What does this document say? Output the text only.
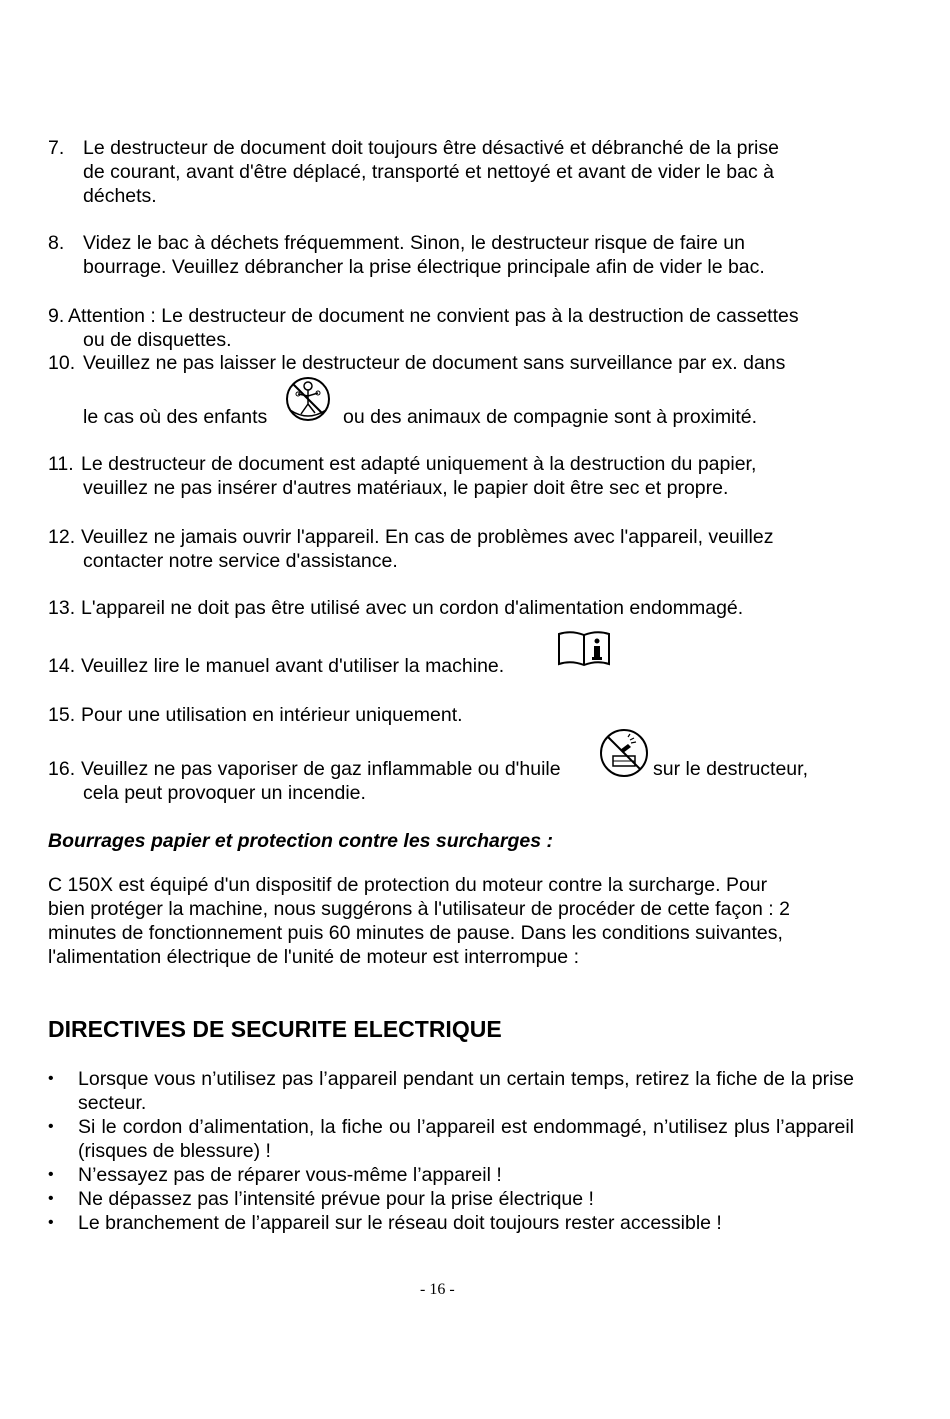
7. Le destructeur de document doit toujours être désactivé et débranché de la prise
de courant, avant d'être déplacé, transporté et nettoyé et avant de vider le bac à
déchets.
8. Videz le bac à déchets fréquemment. Sinon, le destructeur risque de faire un
bourrage. Veuillez débrancher la prise électrique principale afin de vider le bac.
9. Attention : Le destructeur de document ne convient pas à la destruction de cassettes
ou de disquettes.
10. Veuillez ne pas laisser le destructeur de document sans surveillance par ex. dans
le cas où des enfants	ou des animaux de compagnie sont à proximité.
11. Le destructeur de document est adapté uniquement à la destruction du papier,
veuillez ne pas insérer d'autres matériaux, le papier doit être sec et propre.
12. Veuillez ne jamais ouvrir l'appareil. En cas de problèmes avec l'appareil, veuillez
contacter notre service d'assistance.
13. L'appareil ne doit pas être utilisé avec un cordon d'alimentation endommagé.
14. Veuillez lire le manuel avant d'utiliser la machine.
15. Pour une utilisation en intérieur uniquement.
16. Veuillez ne pas vaporiser de gaz inflammable ou d'huile	sur le destructeur,
cela peut provoquer un incendie.
Bourrages papier et protection contre les surcharges :
C 150X est équipé d'un dispositif de protection du moteur contre la surcharge. Pour
bien protéger la machine, nous suggérons à l'utilisateur de procéder de cette façon : 2
minutes de fonctionnement puis 60 minutes de pause. Dans les conditions suivantes,
l'alimentation électrique de l'unité de moteur est interrompue :
DIRECTIVES DE SECURITE ELECTRIQUE
• Lorsque vous n’utilisez pas l’appareil pendant un certain temps, retirez la fiche de la prise secteur.
• Si le cordon d’alimentation, la fiche ou l’appareil est endommagé, n’utilisez plus l’appareil (risques de blessure) !
• N’essayez pas de réparer vous-même l’appareil !
• Ne dépassez pas l’intensité prévue pour la prise électrique !
• Le branchement de l’appareil sur le réseau doit toujours rester accessible !
- 16 -
